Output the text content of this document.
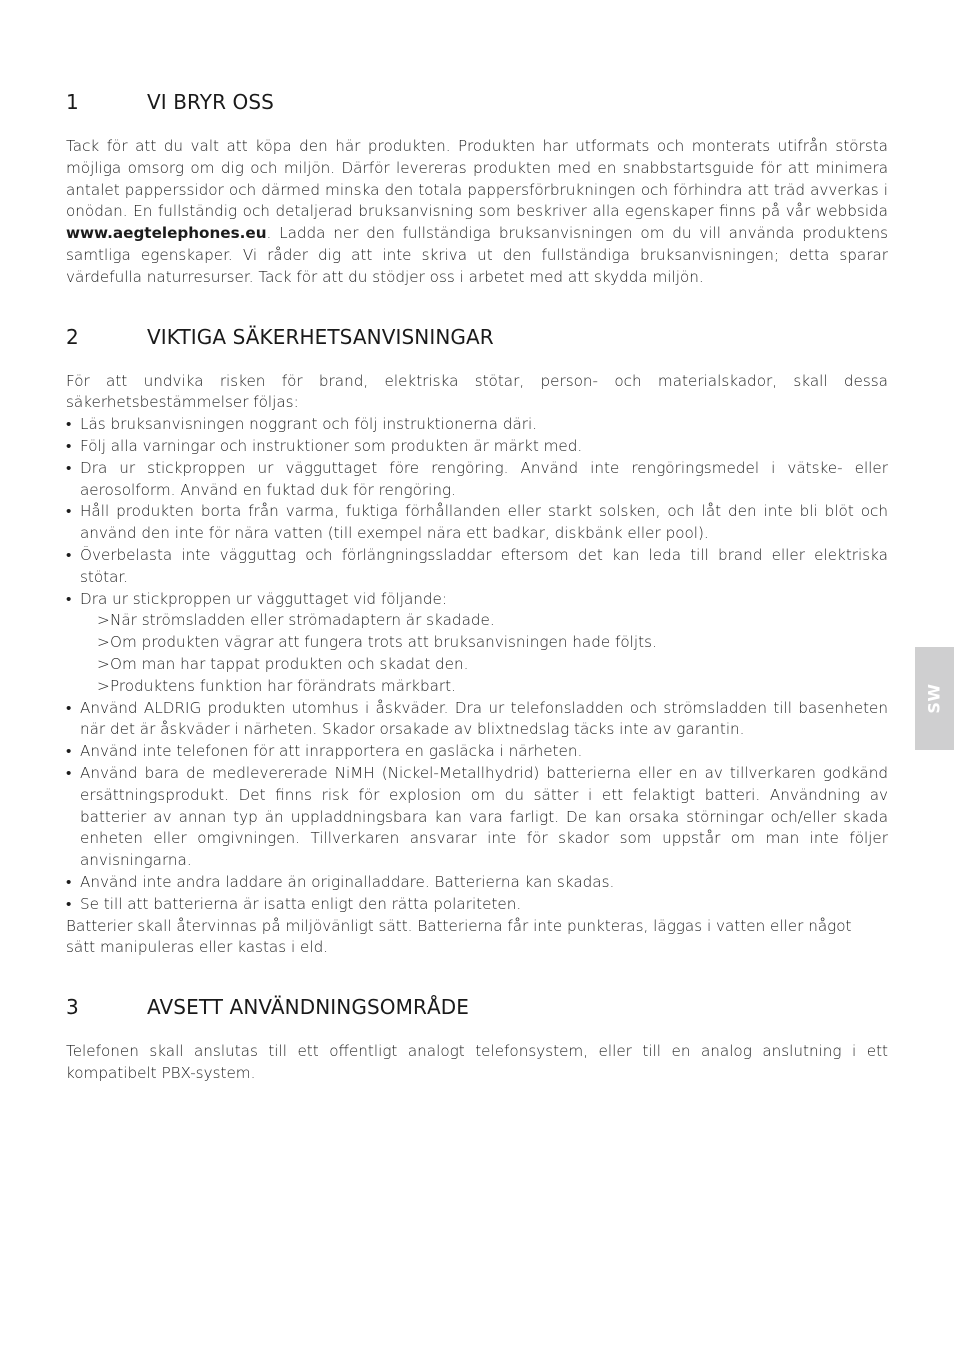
1	VI BRYR OSS

Tack för att du valt att köpa den här produkten. Produkten har utformats och monterats utifrån största möjliga omsorg om dig och miljön. Därför levereras produkten med en snabbstartsguide för att minimera antalet papperssidor och därmed minska den totala pappersförbrukningen och förhindra att träd avverkas i onödan. En fullständig och detaljerad bruksanvisning som beskriver alla egenskaper finns på vår webbsida www.aegtelephones.eu. Ladda ner den fullständiga bruksanvisningen om du vill använda produktens samtliga egenskaper. Vi råder dig att inte skriva ut den fullständiga bruksanvisningen; detta sparar värdefulla naturresurser. Tack för att du stödjer oss i arbetet med att skydda miljön.

2	VIKTIGA SÄKERHETSANVISNINGAR

För att undvika risken för brand, elektriska stötar, person- och materialskador, skall dessa säkerhetsbestämmelser följas:

• Läs bruksanvisningen noggrant och följ instruktionerna däri.
• Följ alla varningar och instruktioner som produkten är märkt med.
• Dra ur stickproppen ur vägguttaget före rengöring. Använd inte rengöringsmedel i vätske- eller aerosolform. Använd en fuktad duk för rengöring.
• Håll produkten borta från varma, fuktiga förhållanden eller starkt solsken, och låt den inte bli blöt och använd den inte för nära vatten (till exempel nära ett badkar, diskbänk eller pool).
• Överbelasta inte vägguttag och förlängningssladdar eftersom det kan leda till brand eller elektriska stötar.
• Dra ur stickproppen ur vägguttaget vid följande:
>När strömsladden eller strömadaptern är skadade.
>Om produkten vägrar att fungera trots att bruksanvisningen hade följts.
>Om man har tappat produkten och skadat den.
>Produktens funktion har förändrats märkbart.
• Använd ALDRIG produkten utomhus i åskväder. Dra ur telefonsladden och strömsladden till basenheten när det är åskväder i närheten. Skador orsakade av blixtnedslag täcks inte av garantin.
• Använd inte telefonen för att inrapportera en gasläcka i närheten.
• Använd bara de medlevererade NiMH (Nickel-Metallhydrid) batterierna eller en av tillverkaren godkänd ersättningsprodukt. Det finns risk för explosion om du sätter i ett felaktigt batteri. Användning av batterier av annan typ än uppladdningsbara kan vara farligt. De kan orsaka störningar och/eller skada enheten eller omgivningen. Tillverkaren ansvarar inte för skador som uppstår om man inte följer anvisningarna.
• Använd inte andra laddare än originalladdare. Batterierna kan skadas.
• Se till att batterierna är isatta enligt den rätta polariteten.

Batterier skall återvinnas på miljövänligt sätt. Batterierna får inte punkteras, läggas i vatten eller något
sätt manipuleras eller kastas i eld.

3	AVSETT ANVÄNDNINGSOMRÅDE

Telefonen skall anslutas till ett offentligt analogt telefonsystem, eller till en analog anslutning i ett kompatibelt PBX-system.

SW
